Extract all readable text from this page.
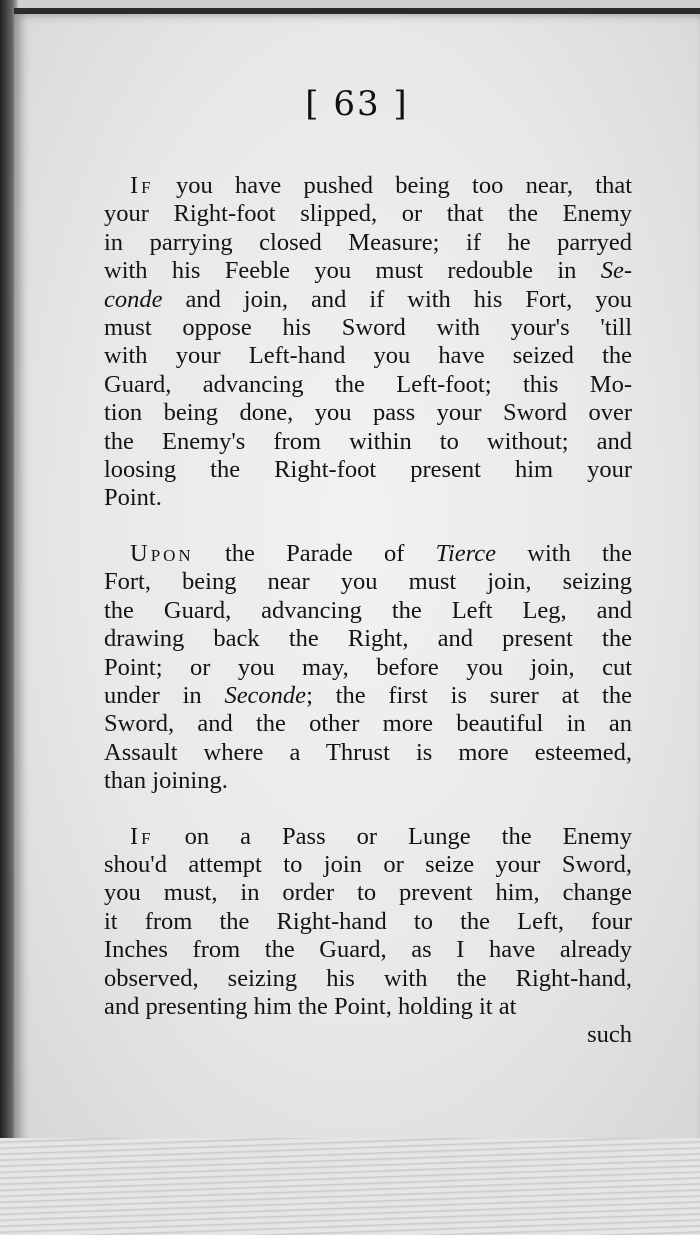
[ 63 ]
If you have pushed being too near, that
your Right-foot slipped, or that the Enemy
in parrying closed Measure; if he parryed
with his Feeble you must redouble in Se-
conde and join, and if with his Fort, you
must oppose his Sword with your's 'till
with your Left-hand you have seized the
Guard, advancing the Left-foot; this Mo-
tion being done, you pass your Sword over
the Enemy's from within to without; and
loosing the Right-foot present him your
Point.
Upon the Parade of Tierce with the
Fort, being near you must join, seizing
the Guard, advancing the Left Leg, and
drawing back the Right, and present the
Point; or you may, before you join, cut
under in Seconde; the first is surer at the
Sword, and the other more beautiful in an
Assault where a Thrust is more esteemed,
than joining.
If on a Pass or Lunge the Enemy
shou'd attempt to join or seize your Sword,
you must, in order to prevent him, change
it from the Right-hand to the Left, four
Inches from the Guard, as I have already
observed, seizing his with the Right-hand,
and presenting him the Point, holding it at
such
